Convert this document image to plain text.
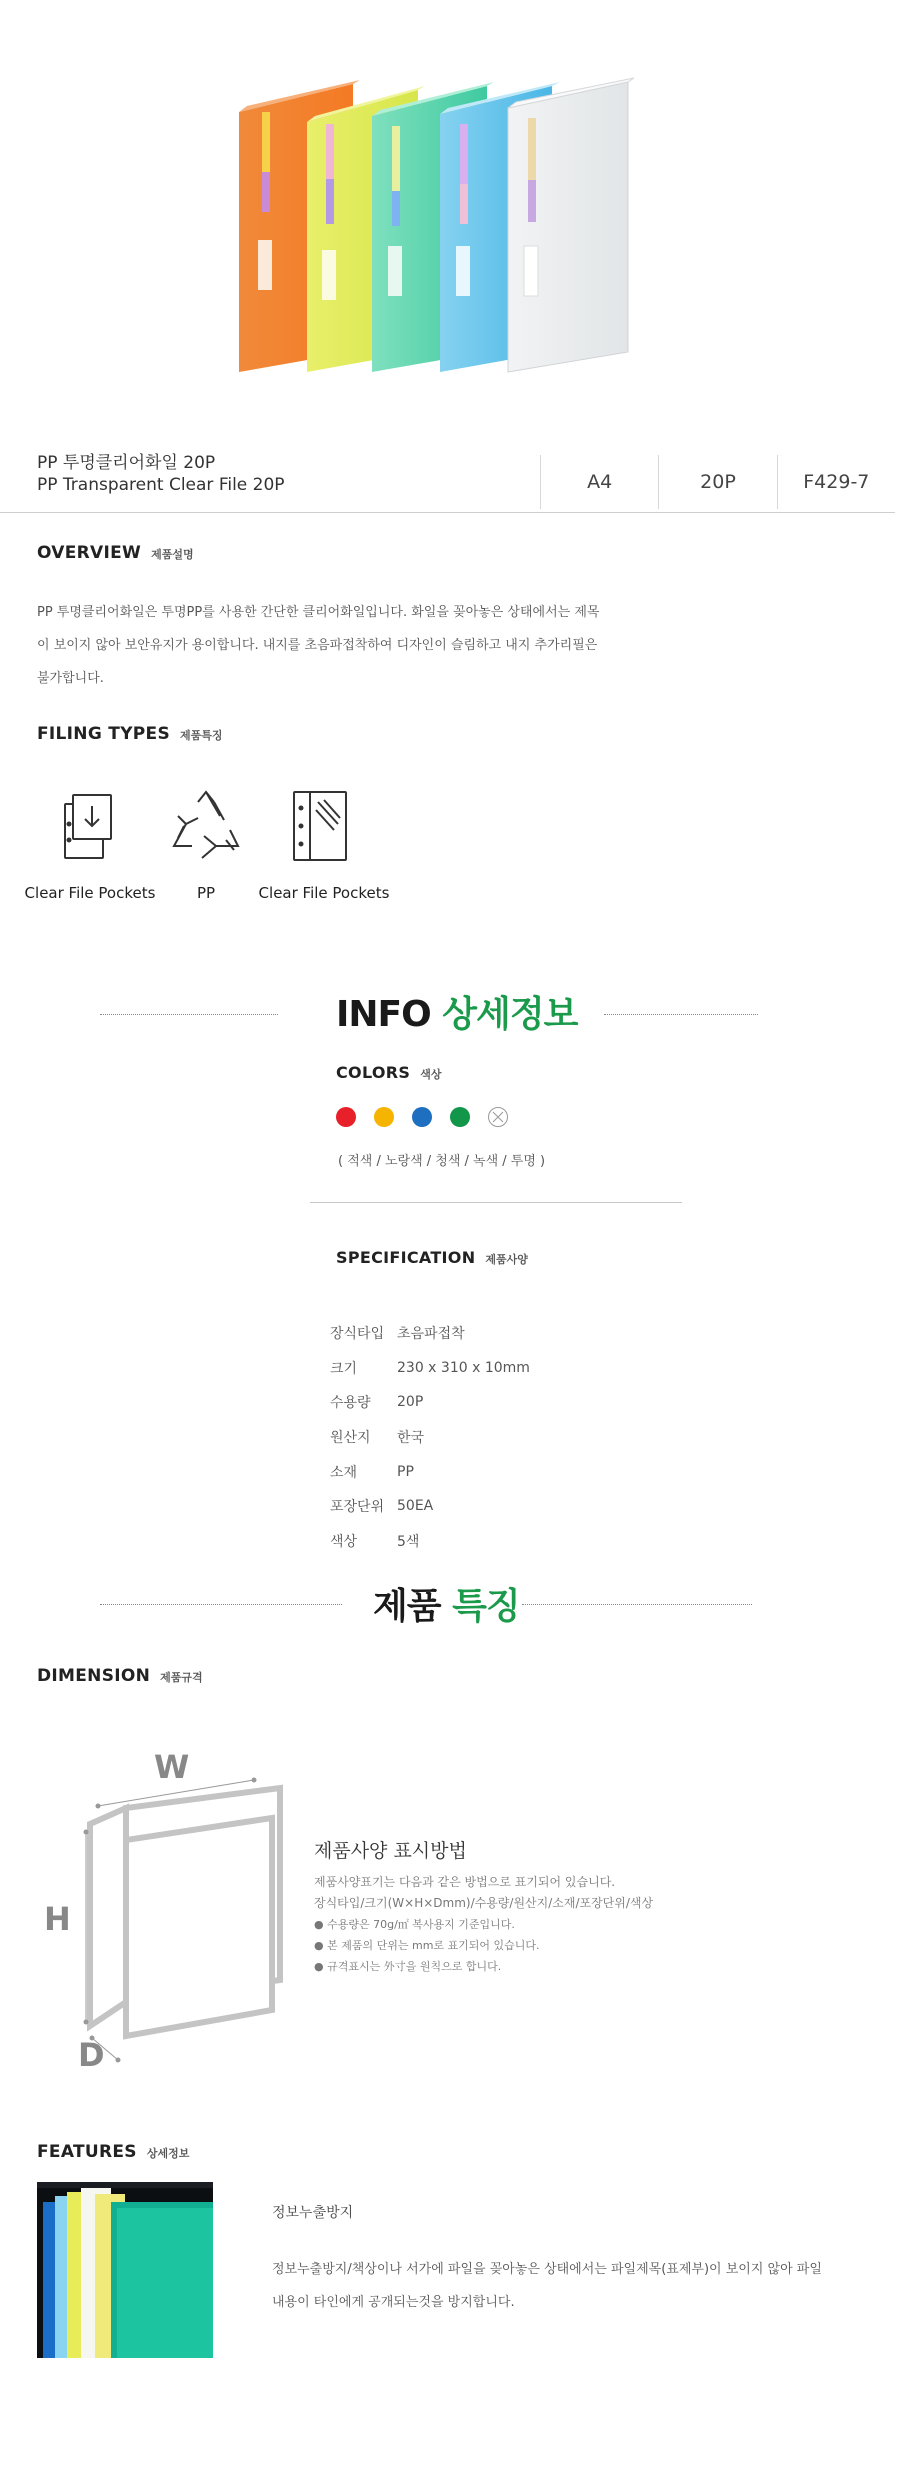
PP 투명클리어화일 20P
PP Transparent Clear File 20P	A4	20P	F429-7
OVERVIEW 제품설명
PP 투명클리어화일은 투명PP를 사용한 간단한 클리어화일입니다. 화일을 꽂아놓은 상태에서는 제목
이 보이지 않아 보안유지가 용이합니다. 내지를 초음파접착하여 디자인이 슬림하고 내지 추가리필은
불가합니다.
FILING TYPES 제품특징
Clear File Pockets	PP	Clear File Pockets
INFO 상세정보
COLORS 색상

( 적색 / 노랑색 / 청색 / 녹색 / 투명 )
SPECIFICATION 제품사양
장식타입 초음파접착
크기	230 x 310 x 10mm
수용량	20P
원산지	한국
소재	PP
포장단위 50EA
색상	5색
제품 특징
DIMENSION 제품규격
W
H
D
제품사양 표시방법
제품사양표기는 다음과 같은 방법으로 표기되어 있습니다.
장식타입/크기(W×H×Dmm)/수용량/원산지/소재/포장단위/색상
● 수용량은 70g/㎡ 복사용지 기준입니다.
● 본 제품의 단위는 mm로 표기되어 있습니다.
● 규격표시는 外寸을 원칙으로 합니다.
FEATURES 상세정보
정보누출방지
정보누출방지/책상이나 서가에 파일을 꽂아놓은 상태에서는 파일제목(표제부)이 보이지 않아 파일
내용이 타인에게 공개되는것을 방지합니다.
